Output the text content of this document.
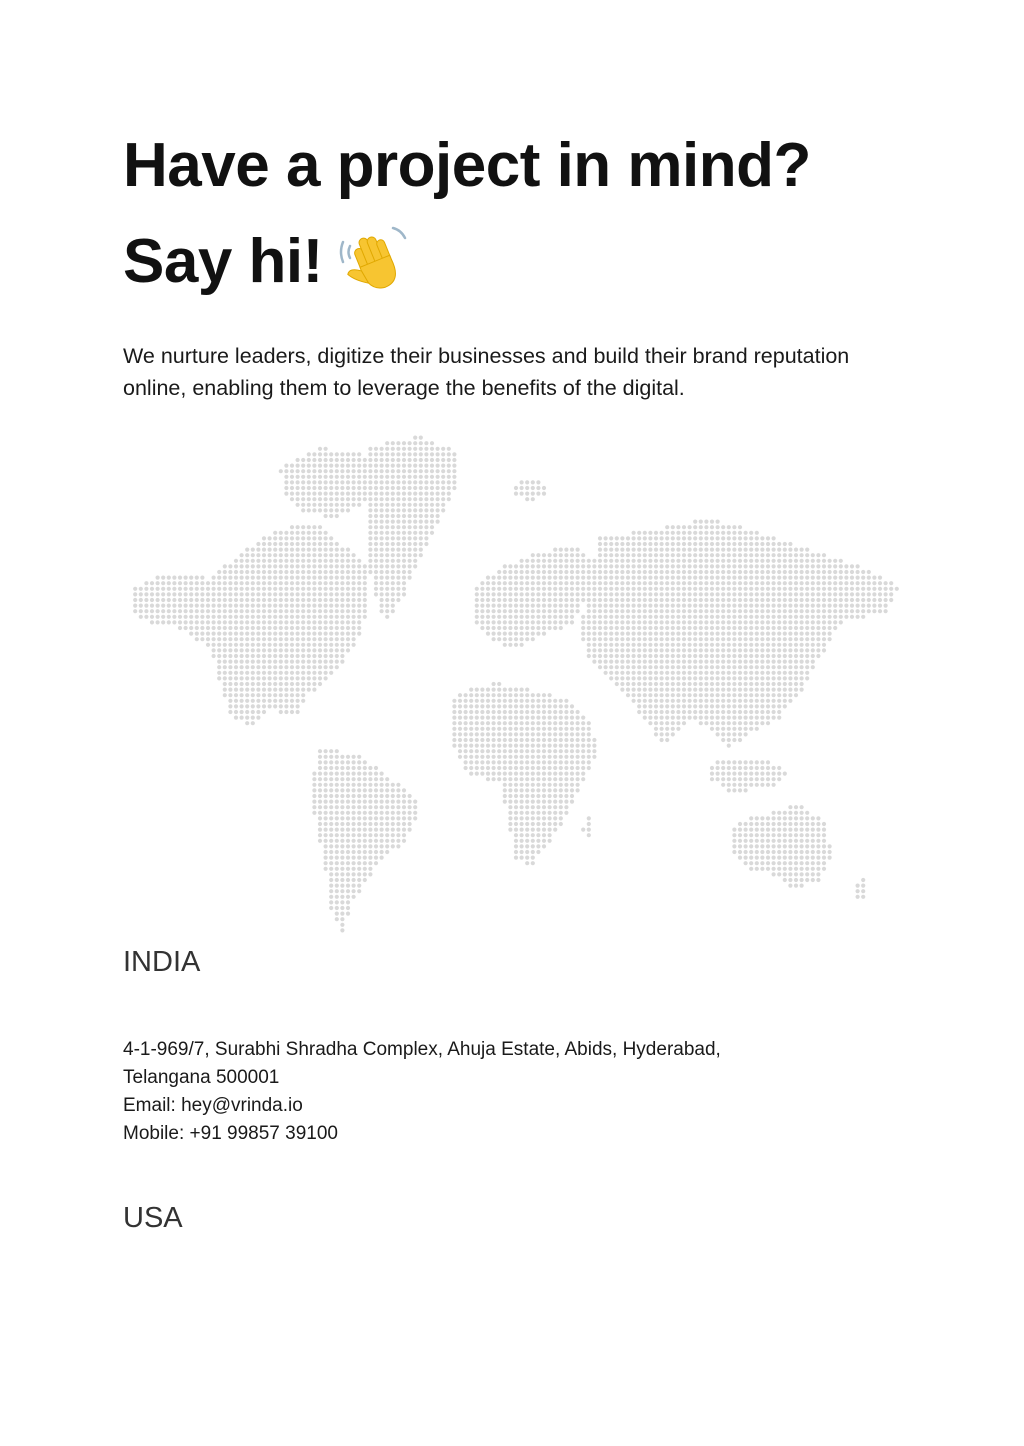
Have a project in mind? Say hi!

We nurture leaders, digitize their businesses and build their brand reputation online, enabling them to leverage the benefits of the digital.

INDIA
4-1-969/7, Surabhi Shradha Complex, Ahuja Estate, Abids, Hyderabad,
Telangana 500001
Email: hey@vrinda.io
Mobile: +91 99857 39100
USA
